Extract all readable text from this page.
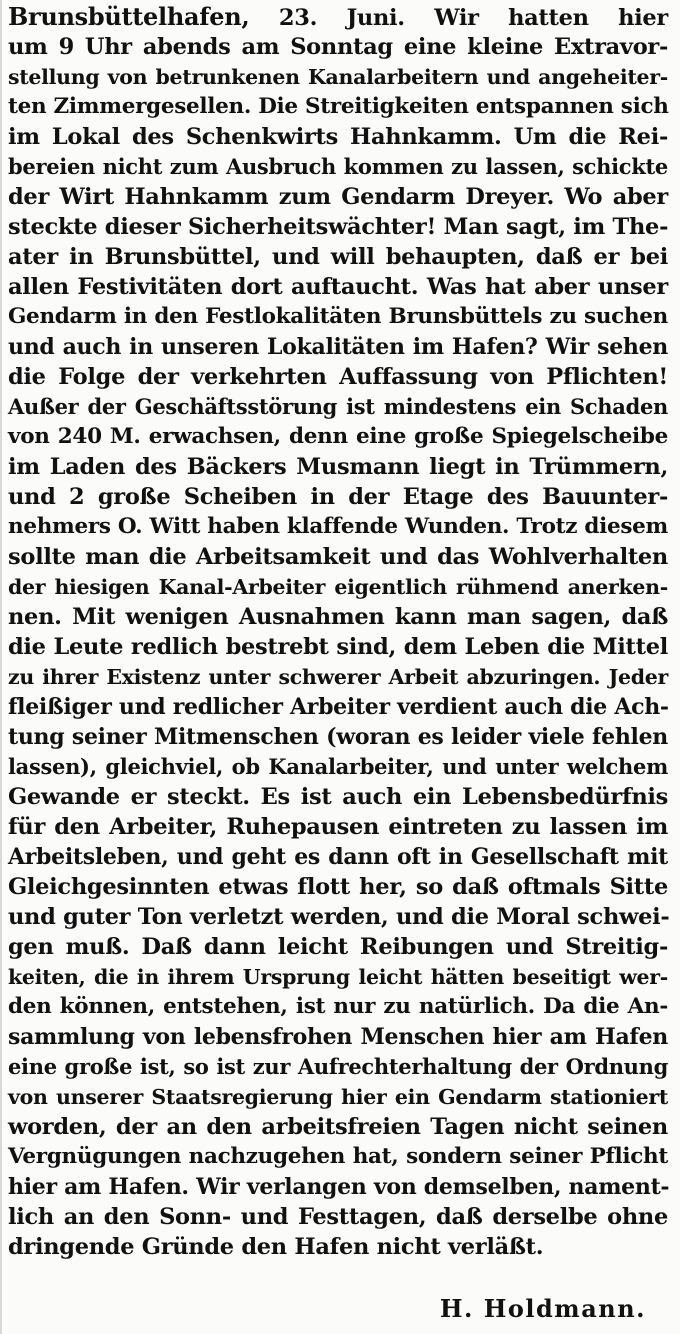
Brunsbüttelhafen, 23. Juni. Wir hatten hier
um 9 Uhr abends am Sonntag eine kleine Extravor-
stellung von betrunkenen Kanalarbeitern und angeheiter-
ten Zimmergesellen. Die Streitigkeiten entspannen sich
im Lokal des Schenkwirts Hahnkamm. Um die Rei-
bereien nicht zum Ausbruch kommen zu lassen, schickte
der Wirt Hahnkamm zum Gendarm Dreyer. Wo aber
steckte dieser Sicherheitswächter! Man sagt, im The-
ater in Brunsbüttel, und will behaupten, daß er bei
allen Festivitäten dort auftaucht. Was hat aber unser
Gendarm in den Festlokalitäten Brunsbüttels zu suchen
und auch in unseren Lokalitäten im Hafen? Wir sehen
die Folge der verkehrten Auffassung von Pflichten!
Außer der Geschäftsstörung ist mindestens ein Schaden
von 240 M. erwachsen, denn eine große Spiegelscheibe
im Laden des Bäckers Musmann liegt in Trümmern,
und 2 große Scheiben in der Etage des Bauunter-
nehmers O. Witt haben klaffende Wunden. Trotz diesem
sollte man die Arbeitsamkeit und das Wohlverhalten
der hiesigen Kanal-Arbeiter eigentlich rühmend anerken-
nen. Mit wenigen Ausnahmen kann man sagen, daß
die Leute redlich bestrebt sind, dem Leben die Mittel
zu ihrer Existenz unter schwerer Arbeit abzuringen. Jeder
fleißiger und redlicher Arbeiter verdient auch die Ach-
tung seiner Mitmenschen (woran es leider viele fehlen
lassen), gleichviel, ob Kanalarbeiter, und unter welchem
Gewande er steckt. Es ist auch ein Lebensbedürfnis
für den Arbeiter, Ruhepausen eintreten zu lassen im
Arbeitsleben, und geht es dann oft in Gesellschaft mit
Gleichgesinnten etwas flott her, so daß oftmals Sitte
und guter Ton verletzt werden, und die Moral schwei-
gen muß. Daß dann leicht Reibungen und Streitig-
keiten, die in ihrem Ursprung leicht hätten beseitigt wer-
den können, entstehen, ist nur zu natürlich. Da die An-
sammlung von lebensfrohen Menschen hier am Hafen
eine große ist, so ist zur Aufrechterhaltung der Ordnung
von unserer Staatsregierung hier ein Gendarm stationiert
worden, der an den arbeitsfreien Tagen nicht seinen
Vergnügungen nachzugehen hat, sondern seiner Pflicht
hier am Hafen. Wir verlangen von demselben, nament-
lich an den Sonn- und Festtagen, daß derselbe ohne
dringende Gründe den Hafen nicht verläßt.
H. Holdmann.
